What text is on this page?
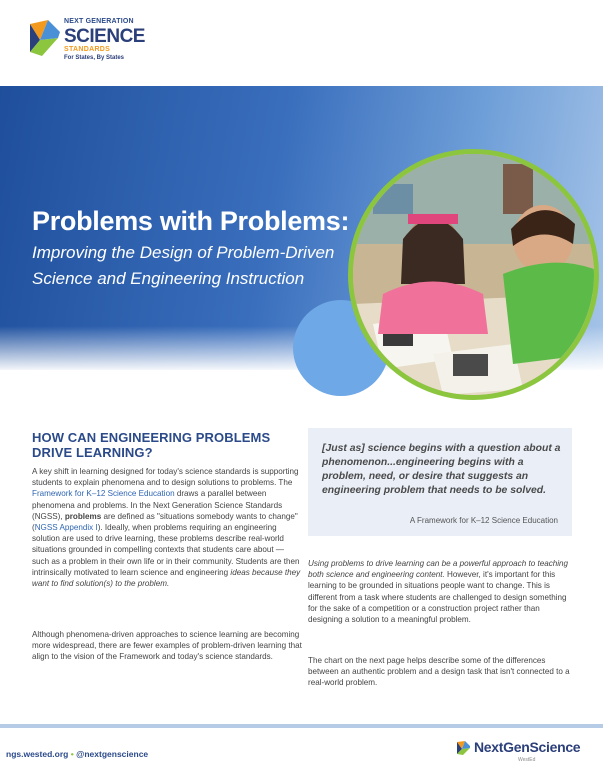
NEXT GENERATION
SCIENCE
STANDARDS
For States, By States
Problems with Problems:
Improving the Design of Problem-Driven Science and Engineering Instruction
HOW CAN ENGINEERING PROBLEMS DRIVE LEARNING?
A key shift in learning designed for today's science standards is supporting students to explain phenomena and to design solutions to problems. The Framework for K–12 Science Education draws a parallel between phenomena and problems. In the Next Generation Science Standards (NGSS), problems are defined as "situations somebody wants to change" (NGSS Appendix I). Ideally, when problems requiring an engineering solution are used to drive learning, these problems describe real-world situations grounded in compelling contexts that students care about — such as a problem in their own life or in their community. Students are then intrinsically motivated to learn science and engineering ideas because they want to find solution(s) to the problem.
Although phenomena-driven approaches to science learning are becoming more widespread, there are fewer examples of problem-driven learning that align to the vision of the Framework and today's science standards.
[Just as] science begins with a question about a phenomenon...engineering begins with a problem, need, or desire that suggests an engineering problem that needs to be solved.
A Framework for K–12 Science Education
Using problems to drive learning can be a powerful approach to teaching both science and engineering content. However, it's important for this learning to be grounded in situations people want to change. This is different from a task where students are challenged to design something for the sake of a competition or a construction project rather than designing a solution to a meaningful problem.
The chart on the next page helps describe some of the differences between an authentic problem and a design task that isn't connected to a real-world problem.
ngs.wested.org • @nextgenscience	NextGenScience
WestEd
